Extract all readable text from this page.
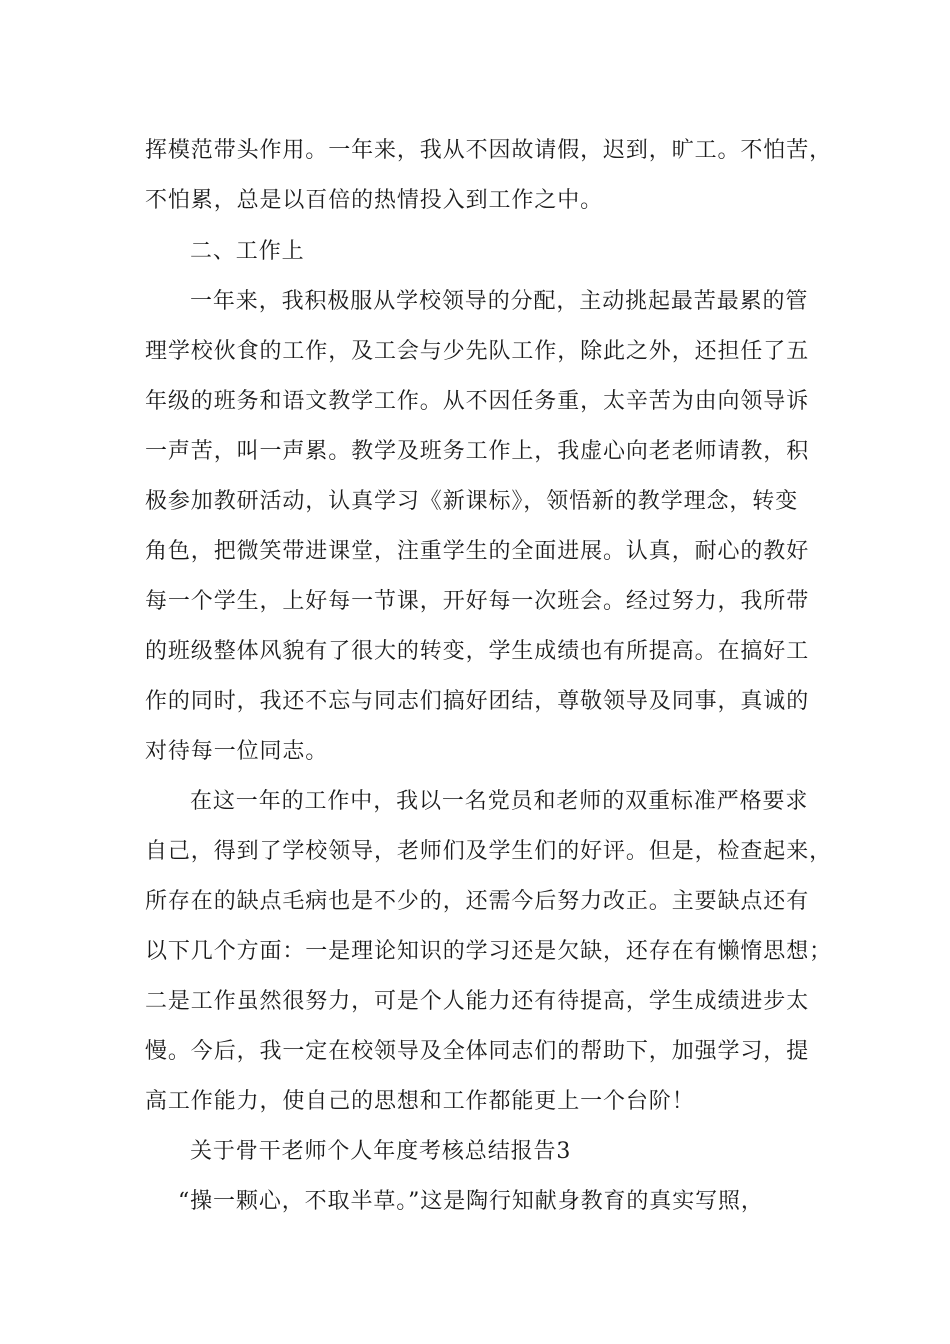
挥模范带头作用。一年来，我从不因故请假，迟到，旷工。不怕苦，
不怕累，总是以百倍的热情投入到工作之中。
二、工作上
一年来，我积极服从学校领导的分配，主动挑起最苦最累的管
理学校伙食的工作，及工会与少先队工作，除此之外，还担任了五
年级的班务和语文教学工作。从不因任务重，太辛苦为由向领导诉
一声苦，叫一声累。教学及班务工作上，我虚心向老老师请教，积
极参加教研活动，认真学习《新课标》，领悟新的教学理念，转变
角色，把微笑带进课堂，注重学生的全面进展。认真，耐心的教好
每一个学生，上好每一节课，开好每一次班会。经过努力，我所带
的班级整体风貌有了很大的转变，学生成绩也有所提高。在搞好工
作的同时，我还不忘与同志们搞好团结，尊敬领导及同事，真诚的
对待每一位同志。
在这一年的工作中，我以一名党员和老师的双重标准严格要求
自己，得到了学校领导，老师们及学生们的好评。但是，检查起来，
所存在的缺点毛病也是不少的，还需今后努力改正。主要缺点还有
以下几个方面：一是理论知识的学习还是欠缺，还存在有懒惰思想；
二是工作虽然很努力，可是个人能力还有待提高，学生成绩进步太
慢。今后，我一定在校领导及全体同志们的帮助下，加强学习，提
高工作能力，使自己的思想和工作都能更上一个台阶！
关于骨干老师个人年度考核总结报告3
“操一颗心，不取半草。”这是陶行知献身教育的真实写照，
